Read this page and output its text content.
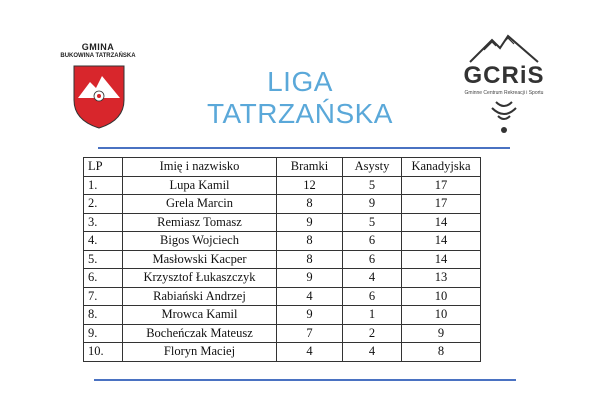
GMINA
BUKOWINA TATRZAŃSKA
LIGA TATRZAŃSKA
GCRiS
Gminne Centrum Rekreacji i Sportu
LP	Imię i nazwisko	Bramki	Asysty	Kanadyjska
1.	Lupa Kamil	12	5	17
2.	Grela Marcin	8	9	17
3.	Remiasz Tomasz	9	5	14
4.	Bigos Wojciech	8	6	14
5.	Masłowski Kacper	8	6	14
6.	Krzysztof Łukaszczyk	9	4	13
7.	Rabiański Andrzej	4	6	10
8.	Mrowca Kamil	9	1	10
9.	Bocheńczak Mateusz	7	2	9
10.	Floryn Maciej	4	4	8
